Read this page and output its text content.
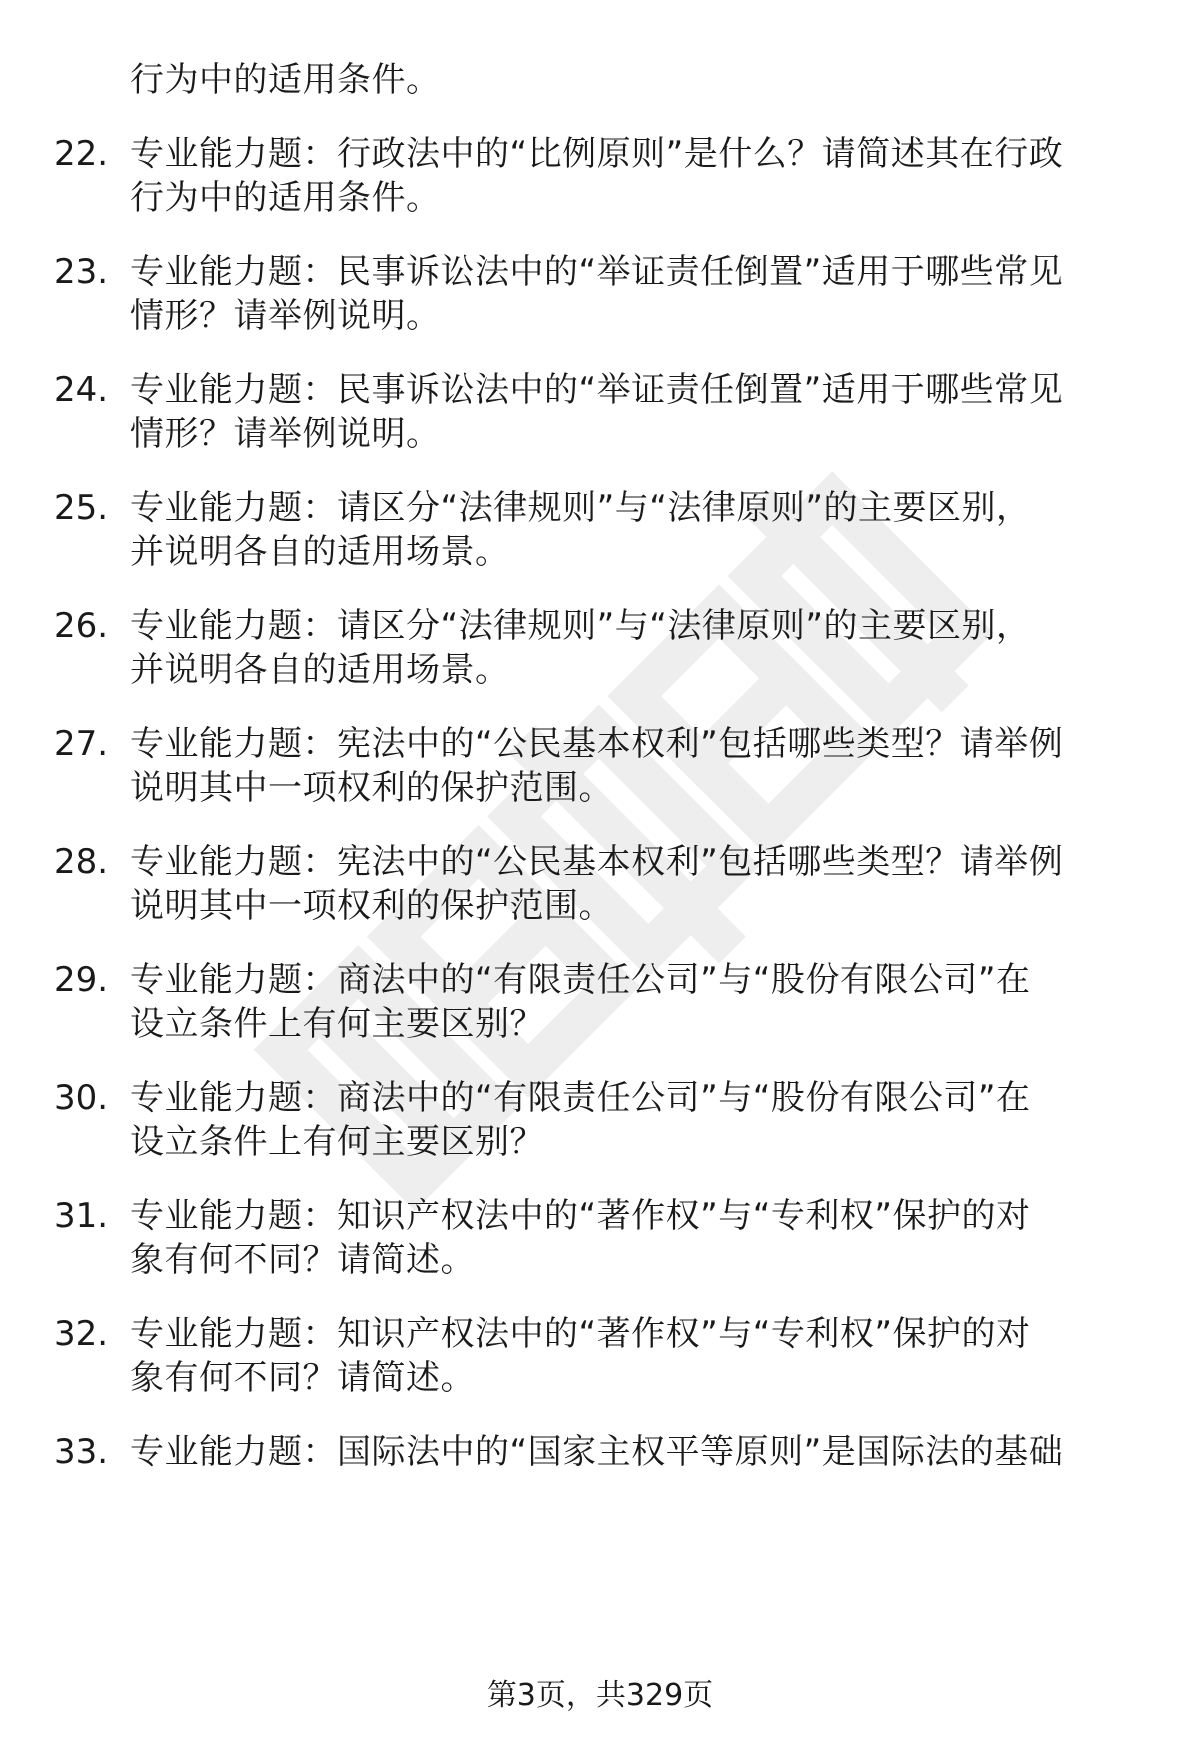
行为中的适用条件。
22. 专业能力题：行政法中的“比例原则”是什么？请简述其在行政
行为中的适用条件。
23. 专业能力题：民事诉讼法中的“举证责任倒置”适用于哪些常见
情形？请举例说明。
24. 专业能力题：民事诉讼法中的“举证责任倒置”适用于哪些常见
情形？请举例说明。
25. 专业能力题：请区分“法律规则”与“法律原则”的主要区别，
并说明各自的适用场景。
26. 专业能力题：请区分“法律规则”与“法律原则”的主要区别，
并说明各自的适用场景。
27. 专业能力题：宪法中的“公民基本权利”包括哪些类型？请举例
说明其中一项权利的保护范围。
28. 专业能力题：宪法中的“公民基本权利”包括哪些类型？请举例
说明其中一项权利的保护范围。
29. 专业能力题：商法中的“有限责任公司”与“股份有限公司”在
设立条件上有何主要区别？
30. 专业能力题：商法中的“有限责任公司”与“股份有限公司”在
设立条件上有何主要区别？
31. 专业能力题：知识产权法中的“著作权”与“专利权”保护的对
象有何不同？请简述。
32. 专业能力题：知识产权法中的“著作权”与“专利权”保护的对
象有何不同？请简述。
33. 专业能力题：国际法中的“国家主权平等原则”是国际法的基础
第3页，共329页
